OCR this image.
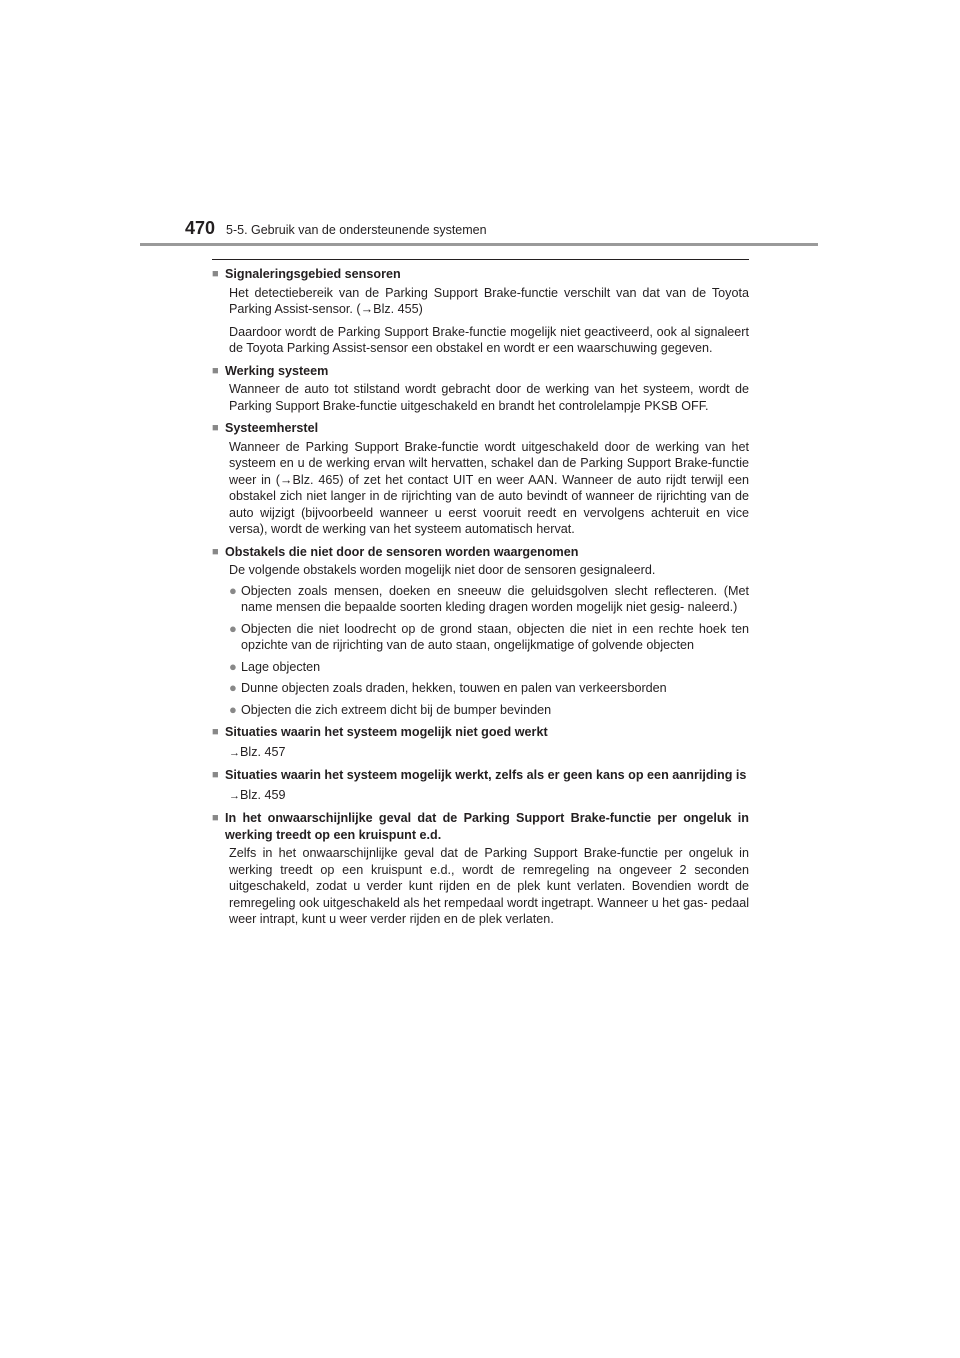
470 5-5. Gebruik van de ondersteunende systemen
■ Signaleringsgebied sensoren
Het detectiebereik van de Parking Support Brake-functie verschilt van dat van de Toyota Parking Assist-sensor. (→Blz. 455)
Daardoor wordt de Parking Support Brake-functie mogelijk niet geactiveerd, ook al signaleert de Toyota Parking Assist-sensor een obstakel en wordt er een waarschuwing gegeven.
■ Werking systeem
Wanneer de auto tot stilstand wordt gebracht door de werking van het systeem, wordt de Parking Support Brake-functie uitgeschakeld en brandt het controlelampje PKSB OFF.
■ Systeemherstel
Wanneer de Parking Support Brake-functie wordt uitgeschakeld door de werking van het systeem en u de werking ervan wilt hervatten, schakel dan de Parking Support Brake-functie weer in (→Blz. 465) of zet het contact UIT en weer AAN. Wanneer de auto rijdt terwijl een obstakel zich niet langer in de rijrichting van de auto bevindt of wanneer de rijrichting van de auto wijzigt (bijvoorbeeld wanneer u eerst vooruit reedt en vervolgens achteruit en vice versa), wordt de werking van het systeem automatisch hervat.
■ Obstakels die niet door de sensoren worden waargenomen
De volgende obstakels worden mogelijk niet door de sensoren gesignaleerd.
● Objecten zoals mensen, doeken en sneeuw die geluidsgolven slecht reflecteren. (Met name mensen die bepaalde soorten kleding dragen worden mogelijk niet gesig- naleerd.)
● Objecten die niet loodrecht op de grond staan, objecten die niet in een rechte hoek ten opzichte van de rijrichting van de auto staan, ongelijkmatige of golvende objecten
● Lage objecten
● Dunne objecten zoals draden, hekken, touwen en palen van verkeersborden
● Objecten die zich extreem dicht bij de bumper bevinden
■ Situaties waarin het systeem mogelijk niet goed werkt
→Blz. 457
■ Situaties waarin het systeem mogelijk werkt, zelfs als er geen kans op een aanrijding is
→Blz. 459
■ In het onwaarschijnlijke geval dat de Parking Support Brake-functie per ongeluk in werking treedt op een kruispunt e.d.
Zelfs in het onwaarschijnlijke geval dat de Parking Support Brake-functie per ongeluk in werking treedt op een kruispunt e.d., wordt de remregeling na ongeveer 2 seconden uitgeschakeld, zodat u verder kunt rijden en de plek kunt verlaten. Bovendien wordt de remregeling ook uitgeschakeld als het rempedaal wordt ingetrapt. Wanneer u het gas- pedaal weer intrapt, kunt u weer verder rijden en de plek verlaten.
